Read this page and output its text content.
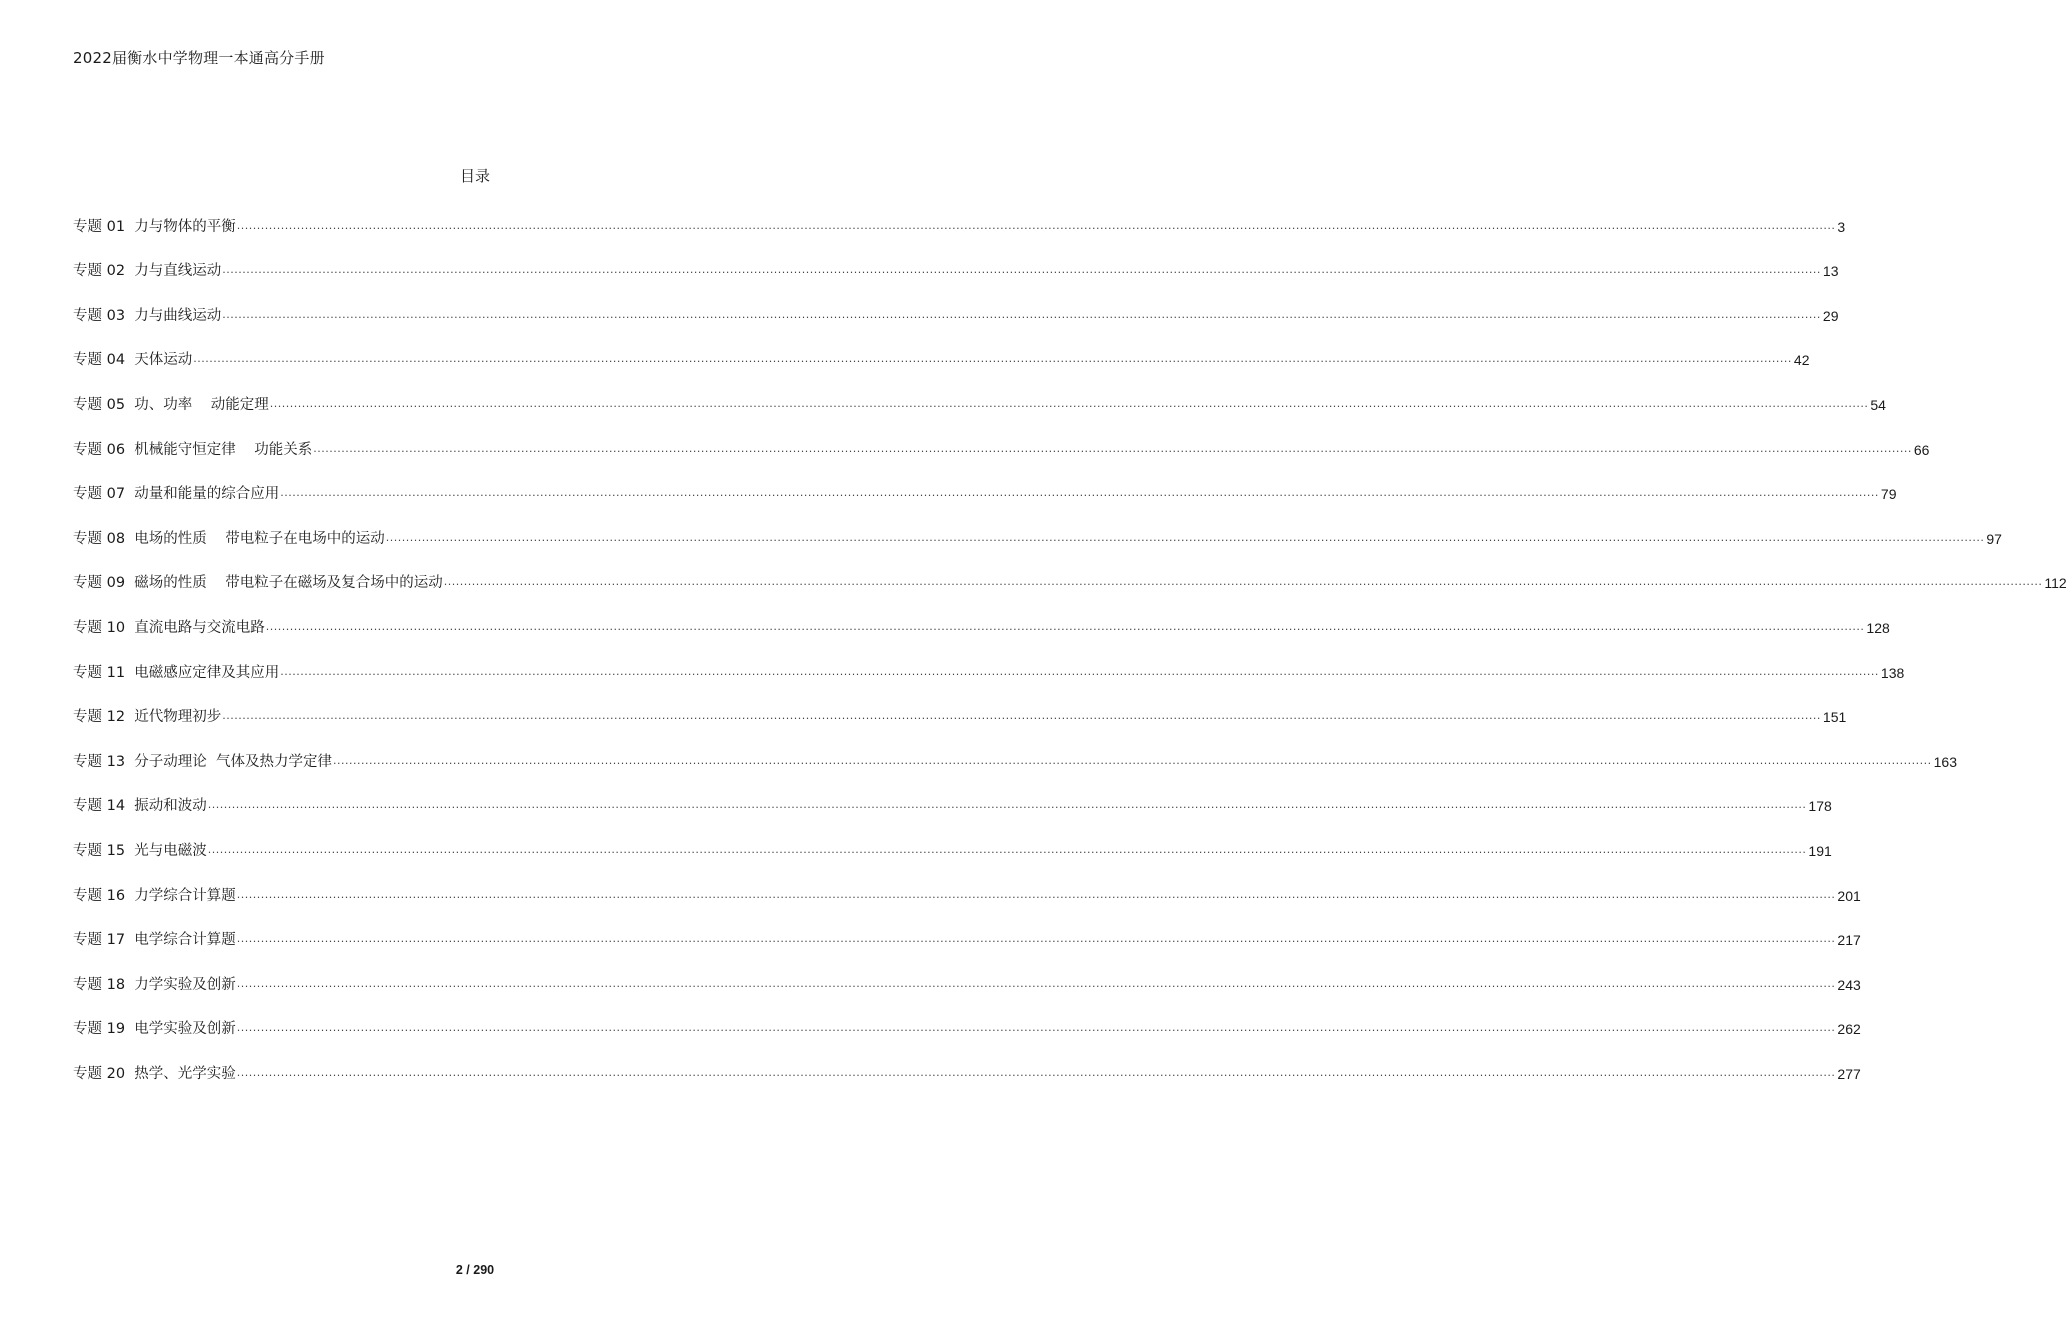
2022届衡水中学物理一本通高分手册
目录
专题 01  力与物体的平衡 ................................................................................................................................................................................................................................................................................................................................................................................................................ 3
专题 02  力与直线运动 ................................................................................................................................................................................................................................................................................................................................................................................................................ 13
专题 03  力与曲线运动 ................................................................................................................................................................................................................................................................................................................................................................................................................ 29
专题 04  天体运动 ................................................................................................................................................................................................................................................................................................................................................................................................................ 42
专题 05  功、功率    动能定理 ................................................................................................................................................................................................................................................................................................................................................................................................................ 54
专题 06  机械能守恒定律    功能关系 ................................................................................................................................................................................................................................................................................................................................................................................................................ 66
专题 07  动量和能量的综合应用 ................................................................................................................................................................................................................................................................................................................................................................................................................ 79
专题 08  电场的性质    带电粒子在电场中的运动 ................................................................................................................................................................................................................................................................................................................................................................................................................ 97
专题 09  磁场的性质    带电粒子在磁场及复合场中的运动 ................................................................................................................................................................................................................................................................................................................................................................................................................ 112
专题 10  直流电路与交流电路 ................................................................................................................................................................................................................................................................................................................................................................................................................ 128
专题 11  电磁感应定律及其应用 ................................................................................................................................................................................................................................................................................................................................................................................................................ 138
专题 12  近代物理初步 ................................................................................................................................................................................................................................................................................................................................................................................................................ 151
专题 13  分子动理论  气体及热力学定律 ................................................................................................................................................................................................................................................................................................................................................................................................................ 163
专题 14  振动和波动 ................................................................................................................................................................................................................................................................................................................................................................................................................ 178
专题 15  光与电磁波 ................................................................................................................................................................................................................................................................................................................................................................................................................ 191
专题 16  力学综合计算题 ................................................................................................................................................................................................................................................................................................................................................................................................................ 201
专题 17  电学综合计算题 ................................................................................................................................................................................................................................................................................................................................................................................................................ 217
专题 18  力学实验及创新 ................................................................................................................................................................................................................................................................................................................................................................................................................ 243
专题 19  电学实验及创新 ................................................................................................................................................................................................................................................................................................................................................................................................................ 262
专题 20  热学、光学实验 ................................................................................................................................................................................................................................................................................................................................................................................................................ 277
2 / 290
